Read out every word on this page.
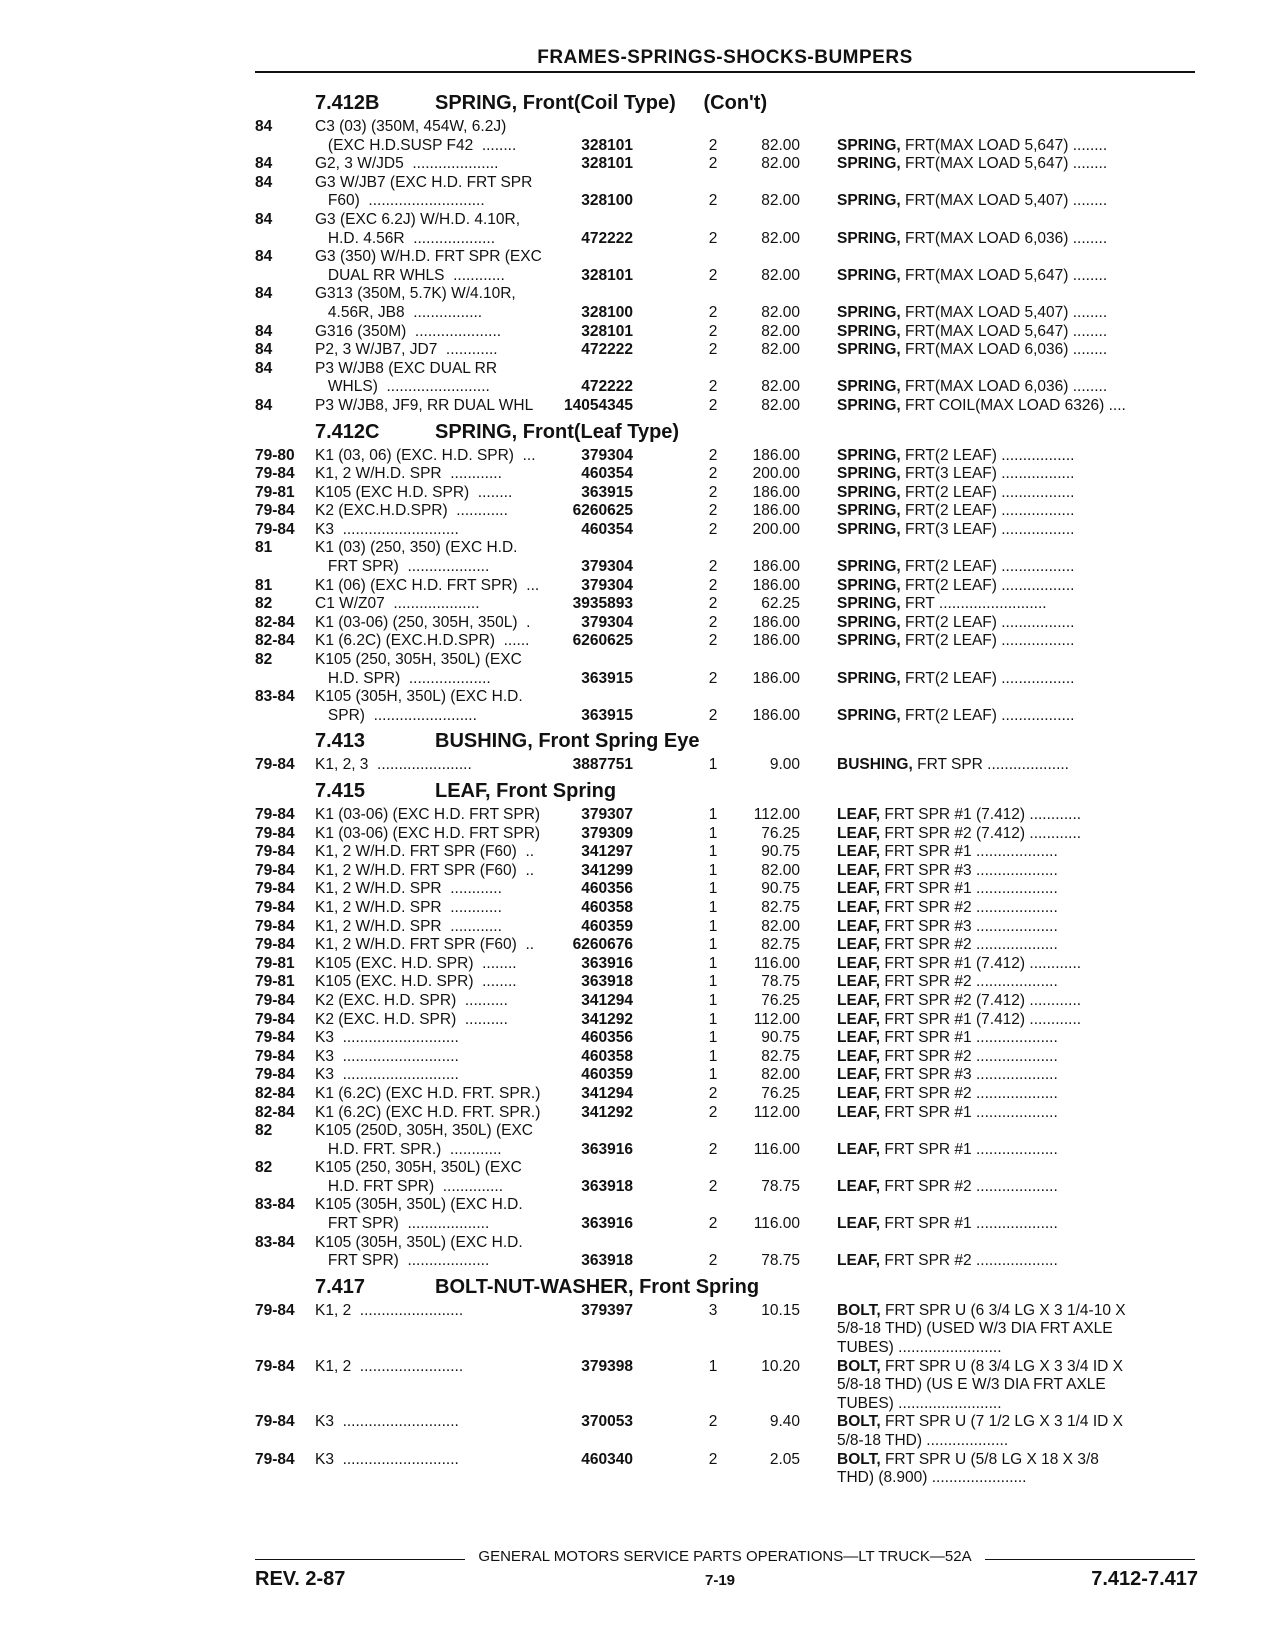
FRAMES-SPRINGS-SHOCKS-BUMPERS
7.412B	SPRING, Front(Coil Type)     (Con't)
84	C3 (03) (350M, 454W, 6.2J)
(EXC H.D.SUSP F42  ........	328101	2	82.00 SPRING, FRT(MAX LOAD 5,647) ........
84	G2, 3 W/JD5  ....................	328101	2	82.00 SPRING, FRT(MAX LOAD 5,647) ........
84	G3 W/JB7 (EXC H.D. FRT SPR
F60)  ...........................	328100	2	82.00 SPRING, FRT(MAX LOAD 5,407) ........
84	G3 (EXC 6.2J) W/H.D. 4.10R,
H.D. 4.56R  ...................	472222	2	82.00 SPRING, FRT(MAX LOAD 6,036) ........
84	G3 (350) W/H.D. FRT SPR (EXC
DUAL RR WHLS  ............	328101	2	82.00 SPRING, FRT(MAX LOAD 5,647) ........
84	G313 (350M, 5.7K) W/4.10R,
4.56R, JB8  ................	328100	2	82.00 SPRING, FRT(MAX LOAD 5,407) ........
84	G316 (350M)  ....................	328101	2	82.00 SPRING, FRT(MAX LOAD 5,647) ........
84	P2, 3 W/JB7, JD7  ............	472222	2	82.00 SPRING, FRT(MAX LOAD 6,036) ........
84	P3 W/JB8 (EXC DUAL RR
WHLS)  ........................	472222	2	82.00 SPRING, FRT(MAX LOAD 6,036) ........
84	P3 W/JB8, JF9, RR DUAL WHL 14054345	2	82.00 SPRING, FRT COIL(MAX LOAD 6326) ....
7.412C	SPRING, Front(Leaf Type)
79-80	K1 (03, 06) (EXC. H.D. SPR)  ...	379304	2	186.00 SPRING, FRT(2 LEAF) .................
79-84	K1, 2 W/H.D. SPR  ............	460354	2	200.00 SPRING, FRT(3 LEAF) .................
79-81	K105 (EXC H.D. SPR)  ........	363915	2	186.00 SPRING, FRT(2 LEAF) .................
79-84	K2 (EXC.H.D.SPR)  ............	6260625	2	186.00 SPRING, FRT(2 LEAF) .................
79-84	K3  ...........................	460354	2	200.00 SPRING, FRT(3 LEAF) .................
81	K1 (03) (250, 350) (EXC H.D.
FRT SPR)  ...................	379304	2	186.00 SPRING, FRT(2 LEAF) .................
81	K1 (06) (EXC H.D. FRT SPR)  ...	379304	2	186.00 SPRING, FRT(2 LEAF) .................
82	C1 W/Z07  ....................	3935893	2	62.25 SPRING, FRT .........................
82-84	K1 (03-06) (250, 305H, 350L)  .	379304	2	186.00 SPRING, FRT(2 LEAF) .................
82-84	K1 (6.2C) (EXC.H.D.SPR)  ......	6260625	2	186.00 SPRING, FRT(2 LEAF) .................
82	K105 (250, 305H, 350L) (EXC
H.D. SPR)  ...................	363915	2	186.00 SPRING, FRT(2 LEAF) .................
83-84	K105 (305H, 350L) (EXC H.D.
SPR)  ........................	363915	2	186.00 SPRING, FRT(2 LEAF) .................
7.413	BUSHING, Front Spring Eye
79-84	K1, 2, 3  ......................	3887751	1	9.00 BUSHING, FRT SPR ...................
7.415	LEAF, Front Spring
79-84	K1 (03-06) (EXC H.D. FRT SPR)	379307	1	112.00 LEAF, FRT SPR #1 (7.412) ............
79-84	K1 (03-06) (EXC H.D. FRT SPR)	379309	1	76.25 LEAF, FRT SPR #2 (7.412) ............
79-84	K1, 2 W/H.D. FRT SPR (F60)  ..	341297	1	90.75 LEAF, FRT SPR #1 ...................
79-84	K1, 2 W/H.D. FRT SPR (F60)  ..	341299	1	82.00 LEAF, FRT SPR #3 ...................
79-84	K1, 2 W/H.D. SPR  ............	460356	1	90.75 LEAF, FRT SPR #1 ...................
79-84	K1, 2 W/H.D. SPR  ............	460358	1	82.75 LEAF, FRT SPR #2 ...................
79-84	K1, 2 W/H.D. SPR  ............	460359	1	82.00 LEAF, FRT SPR #3 ...................
79-84	K1, 2 W/H.D. FRT SPR (F60)  .. 6260676	1	82.75 LEAF, FRT SPR #2 ...................
79-81	K105 (EXC. H.D. SPR)  ........	363916	1	116.00 LEAF, FRT SPR #1 (7.412) ............
79-81	K105 (EXC. H.D. SPR)  ........	363918	1	78.75 LEAF, FRT SPR #2 ...................
79-84	K2 (EXC. H.D. SPR)  ..........	341294	1	76.25 LEAF, FRT SPR #2 (7.412) ............
79-84	K2 (EXC. H.D. SPR)  ..........	341292	1	112.00 LEAF, FRT SPR #1 (7.412) ............
79-84	K3  ...........................	460356	1	90.75 LEAF, FRT SPR #1 ...................
79-84	K3  ...........................	460358	1	82.75 LEAF, FRT SPR #2 ...................
79-84	K3  ...........................	460359	1	82.00 LEAF, FRT SPR #3 ...................
82-84	K1 (6.2C) (EXC H.D. FRT. SPR.)	341294	2	76.25 LEAF, FRT SPR #2 ...................
82-84	K1 (6.2C) (EXC H.D. FRT. SPR.)	341292	2	112.00 LEAF, FRT SPR #1 ...................
82	K105 (250D, 305H, 350L) (EXC
H.D. FRT. SPR.)  ............	363916	2	116.00 LEAF, FRT SPR #1 ...................
82	K105 (250, 305H, 350L) (EXC
H.D. FRT SPR)  ..............	363918	2	78.75 LEAF, FRT SPR #2 ...................
83-84	K105 (305H, 350L) (EXC H.D.
FRT SPR)  ...................	363916	2	116.00 LEAF, FRT SPR #1 ...................
83-84	K105 (305H, 350L) (EXC H.D.
FRT SPR)  ...................	363918	2	78.75 LEAF, FRT SPR #2 ...................
7.417	BOLT-NUT-WASHER, Front Spring
79-84	K1, 2  ........................	379397	3	10.15 BOLT, FRT SPR U (6 3/4 LG X 3 1/4-10 X
5/8-18 THD) (USED W/3 DIA FRT AXLE
TUBES) ........................
79-84	K1, 2  ........................	379398	1	10.20 BOLT, FRT SPR U (8 3/4 LG X 3 3/4 ID X
5/8-18 THD) (US E W/3 DIA FRT AXLE
TUBES) ........................
79-84	K3  ...........................	370053	2	9.40 BOLT, FRT SPR U (7 1/2 LG X 3 1/4 ID X
5/8-18 THD) ...................
79-84	K3  ...........................	460340	2	2.05 BOLT, FRT SPR U (5/8 LG X 18 X 3/8
THD) (8.900) ......................
GENERAL MOTORS SERVICE PARTS OPERATIONS—LT TRUCK—52A
REV. 2-87	7-19	7.412-7.417
